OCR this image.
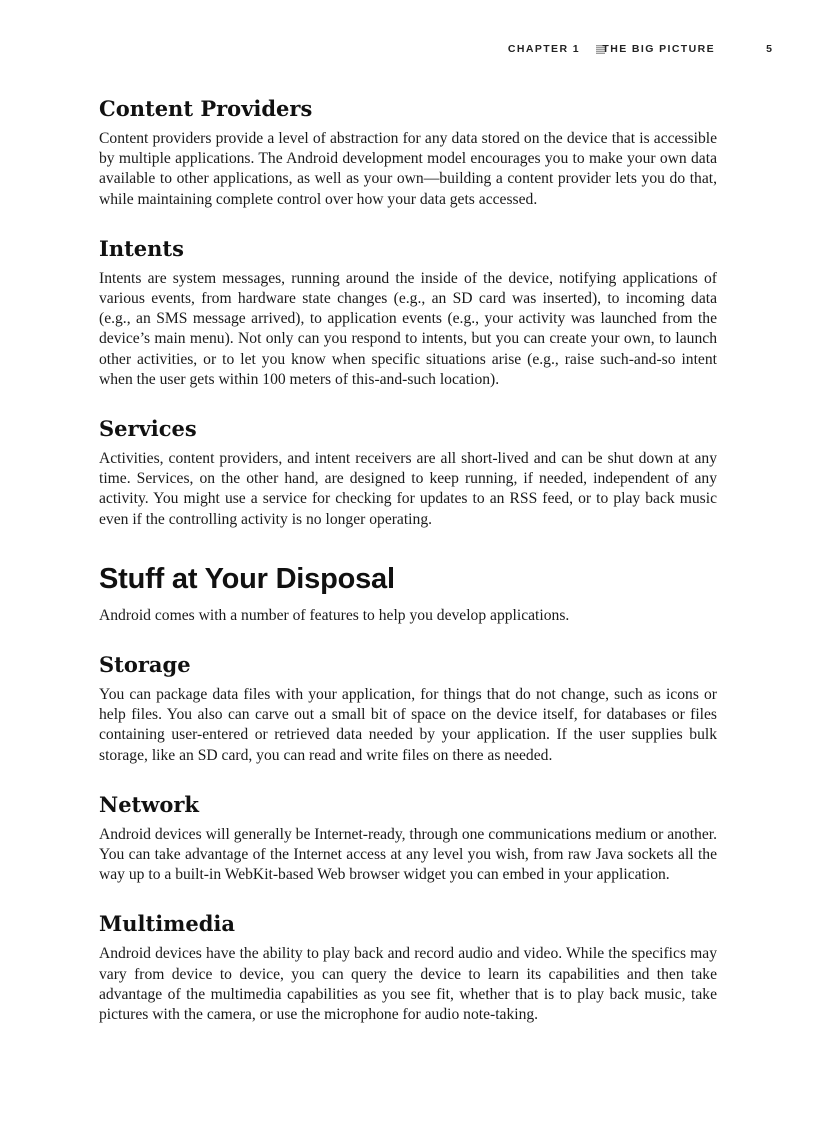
CHAPTER 1 THE BIG PICTURE	5
Content Providers

Content providers provide a level of abstraction for any data stored on the device that is accessible by multiple applications. The Android development model encourages you to make your own data available to other applications, as well as your own—building a content provider lets you do that, while maintaining complete control over how your data gets accessed.

Intents

Intents are system messages, running around the inside of the device, notifying applications of various events, from hardware state changes (e.g., an SD card was inserted), to incoming data (e.g., an SMS message arrived), to application events (e.g., your activity was launched from the device’s main menu). Not only can you respond to intents, but you can create your own, to launch other activities, or to let you know when specific situations arise (e.g., raise such-and-so intent when the user gets within 100 meters of this-and-such location).

Services

Activities, content providers, and intent receivers are all short-lived and can be shut down at any time. Services, on the other hand, are designed to keep running, if needed, independent of any activity. You might use a service for checking for updates to an RSS feed, or to play back music even if the controlling activity is no longer operating.

Stuff at Your Disposal

Android comes with a number of features to help you develop applications.

Storage

You can package data files with your application, for things that do not change, such as icons or help files. You also can carve out a small bit of space on the device itself, for databases or files containing user-entered or retrieved data needed by your application. If the user supplies bulk storage, like an SD card, you can read and write files on there as needed.

Network

Android devices will generally be Internet-ready, through one communications medium or another. You can take advantage of the Internet access at any level you wish, from raw Java sockets all the way up to a built-in WebKit-based Web browser widget you can embed in your application.

Multimedia

Android devices have the ability to play back and record audio and video. While the specifics may vary from device to device, you can query the device to learn its capabilities and then take advantage of the multimedia capabilities as you see fit, whether that is to play back music, take pictures with the camera, or use the microphone for audio note-taking.
